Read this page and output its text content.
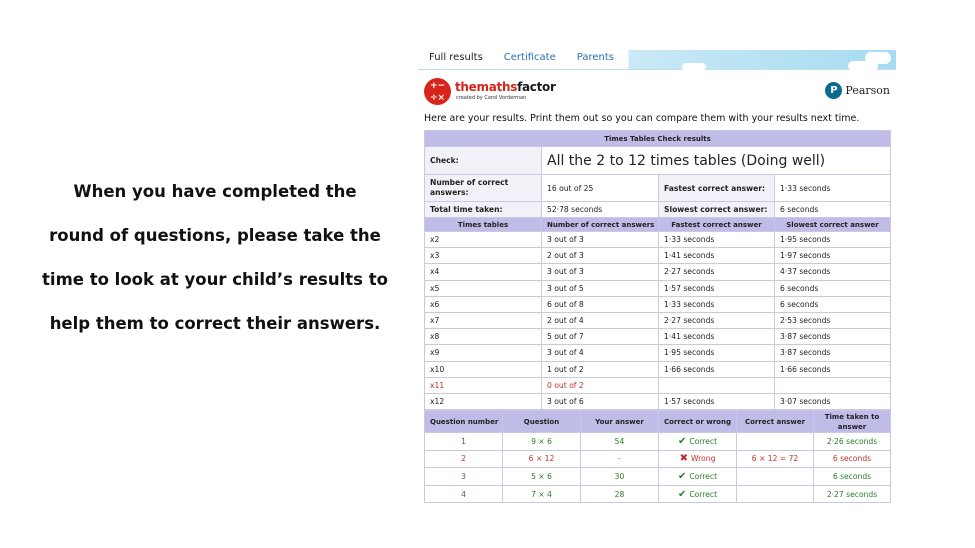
When you have completed the

round of questions, please take the

time to look at your child’s results to

help them to correct their answers.

Full results	Certificate	Parents
+−
÷×
themathsfactor
created by Carol Vorderman
P Pearson
Here are your results. Print them out so you can compare them with your results next time.
Times Tables Check results			
Check:	All the 2 to 12 times tables (Doing well)		
Number of correct answers:	16 out of 25	Fastest correct answer:	1·33 seconds
Total time taken:	52·78 seconds	Slowest correct answer:	6 seconds
Times tables	Number of correct answers	Fastest correct answer	Slowest correct answer
x2	3 out of 3	1·33 seconds	1·95 seconds
x3	2 out of 3	1·41 seconds	1·97 seconds
x4	3 out of 3	2·27 seconds	4·37 seconds
x5	3 out of 5	1·57 seconds	6 seconds
x6	6 out of 8	1·33 seconds	6 seconds
x7	2 out of 4	2·27 seconds	2·53 seconds
x8	5 out of 7	1·41 seconds	3·87 seconds
x9	3 out of 4	1·95 seconds	3·87 seconds
x10	1 out of 2	1·66 seconds	1·66 seconds
x11	0 out of 2		
x12	3 out of 6	1·57 seconds	3·07 seconds
Question number	Question	Your answer	Correct or wrong	Correct answer	Time taken to answer
1	9 × 6	54	✔ Correct		2·26 seconds
2	6 × 12	-	✖ Wrong	6 × 12 = 72	6 seconds
3	5 × 6	30	✔ Correct		6 seconds
4	7 × 4	28	✔ Correct		2·27 seconds
